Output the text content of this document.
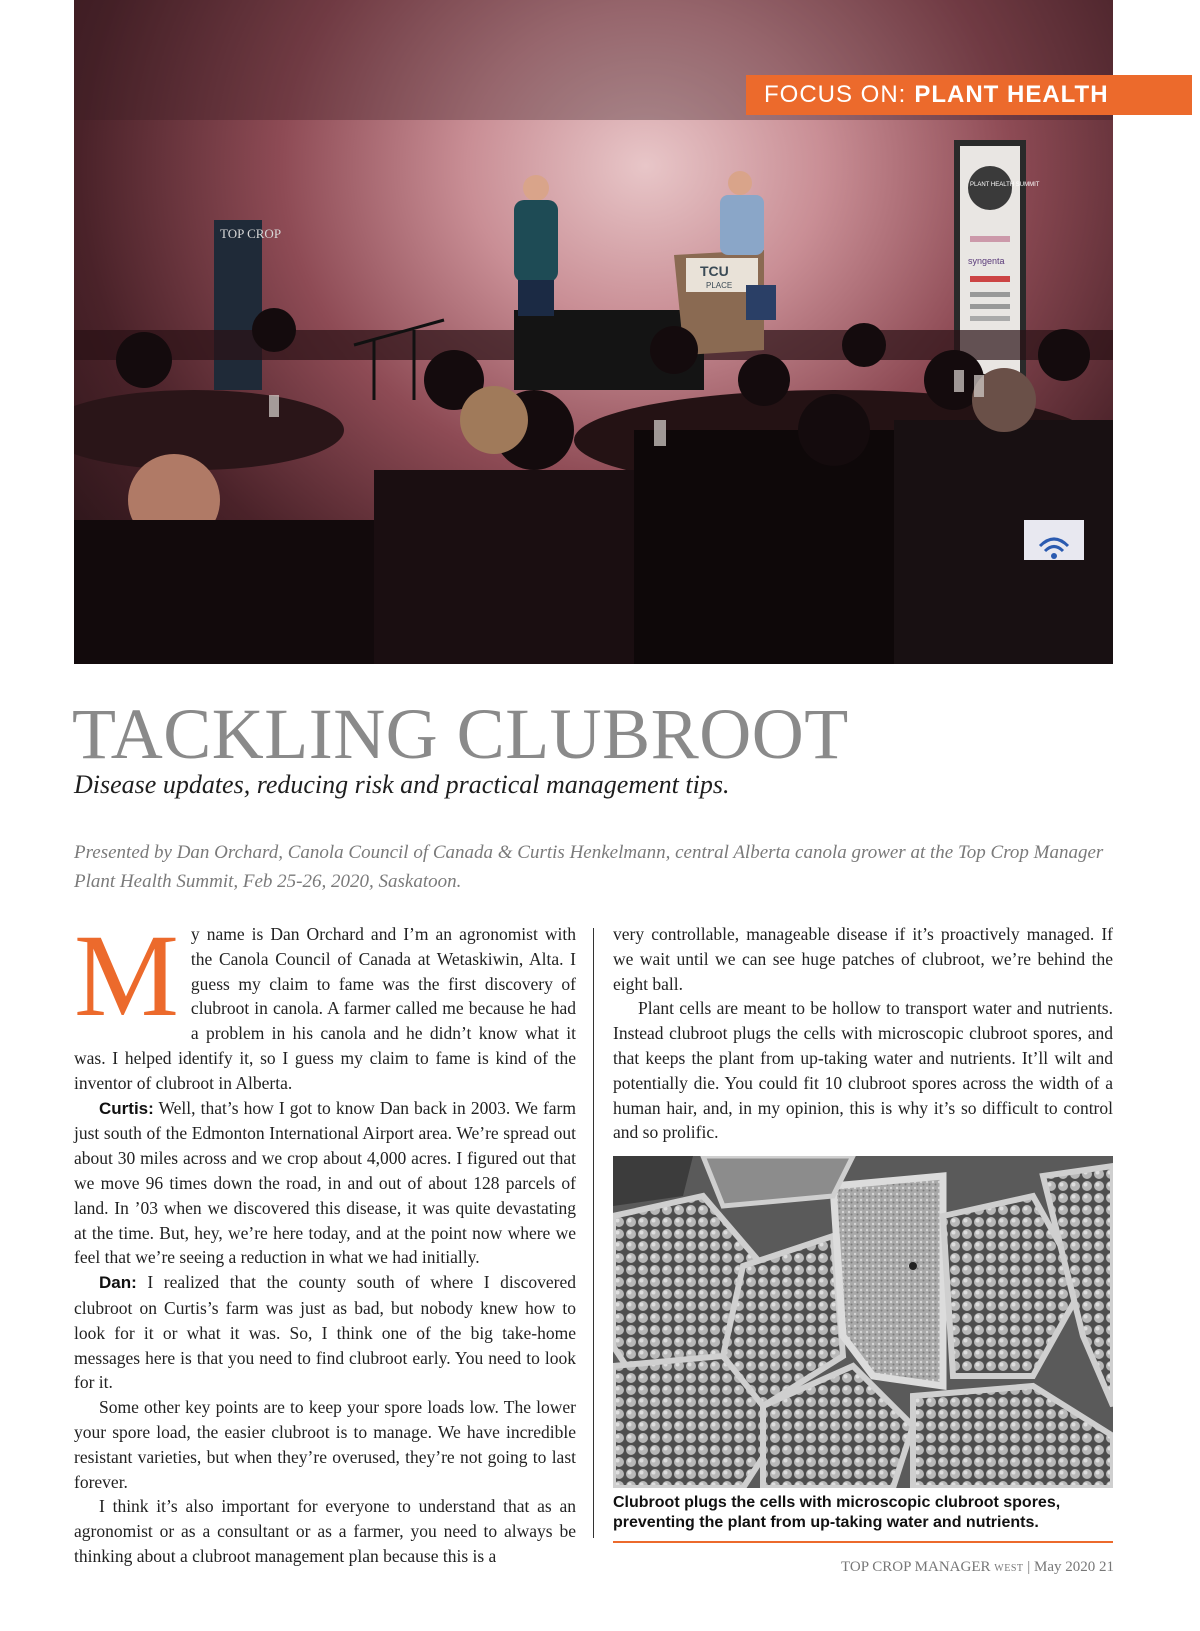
TOP CROP
PLANT HEALTH SUMMIT
syngenta
TCU
PLACE
FOCUS ON: PLANT HEALTH
TACKLING CLUBROOT

Disease updates, reducing risk and practical management tips.

Presented by Dan Orchard, Canola Council of Canada & Curtis Henkelmann, central Alberta canola grower at the Top Crop Manager Plant Health Summit, Feb 25-26, 2020, Saskatoon.

My name is Dan Orchard and I’m an agronomist with the Canola Council of Canada at Wetaskiwin, Alta. I guess my claim to fame was the first discovery of clubroot in canola. A farmer called me because he had a problem in his canola and he didn’t know what it was. I helped identify it, so I guess my claim to fame is kind of the inventor of clubroot in Alberta.

Curtis: Well, that’s how I got to know Dan back in 2003. We farm just south of the Edmonton International Airport area. We’re spread out about 30 miles across and we crop about 4,000 acres. I figured out that we move 96 times down the road, in and out of about 128 parcels of land. In ’03 when we discovered this disease, it was quite devastating at the time. But, hey, we’re here today, and at the point now where we feel that we’re seeing a reduction in what we had initially.

Dan: I realized that the county south of where I discovered clubroot on Curtis’s farm was just as bad, but nobody knew how to look for it or what it was. So, I think one of the big take-home messages here is that you need to find clubroot early. You need to look for it.

Some other key points are to keep your spore loads low. The lower your spore load, the easier clubroot is to manage. We have incredible resistant varieties, but when they’re overused, they’re not going to last forever.

I think it’s also important for everyone to understand that as an agronomist or as a consultant or as a farmer, you need to always be thinking about a clubroot management plan because this is a

very controllable, manageable disease if it’s proactively managed. If we wait until we can see huge patches of clubroot, we’re behind the eight ball.

Plant cells are meant to be hollow to transport water and nutrients. Instead clubroot plugs the cells with microscopic clubroot spores, and that keeps the plant from up-taking water and nutrients. It’ll wilt and potentially die. You could fit 10 clubroot spores across the width of a human hair, and, in my opinion, this is why it’s so difficult to control and so prolific.

Clubroot plugs the cells with microscopic clubroot spores, preventing the plant from up-taking water and nutrients.

TOP CROP MANAGER WEST | May 2020 21
